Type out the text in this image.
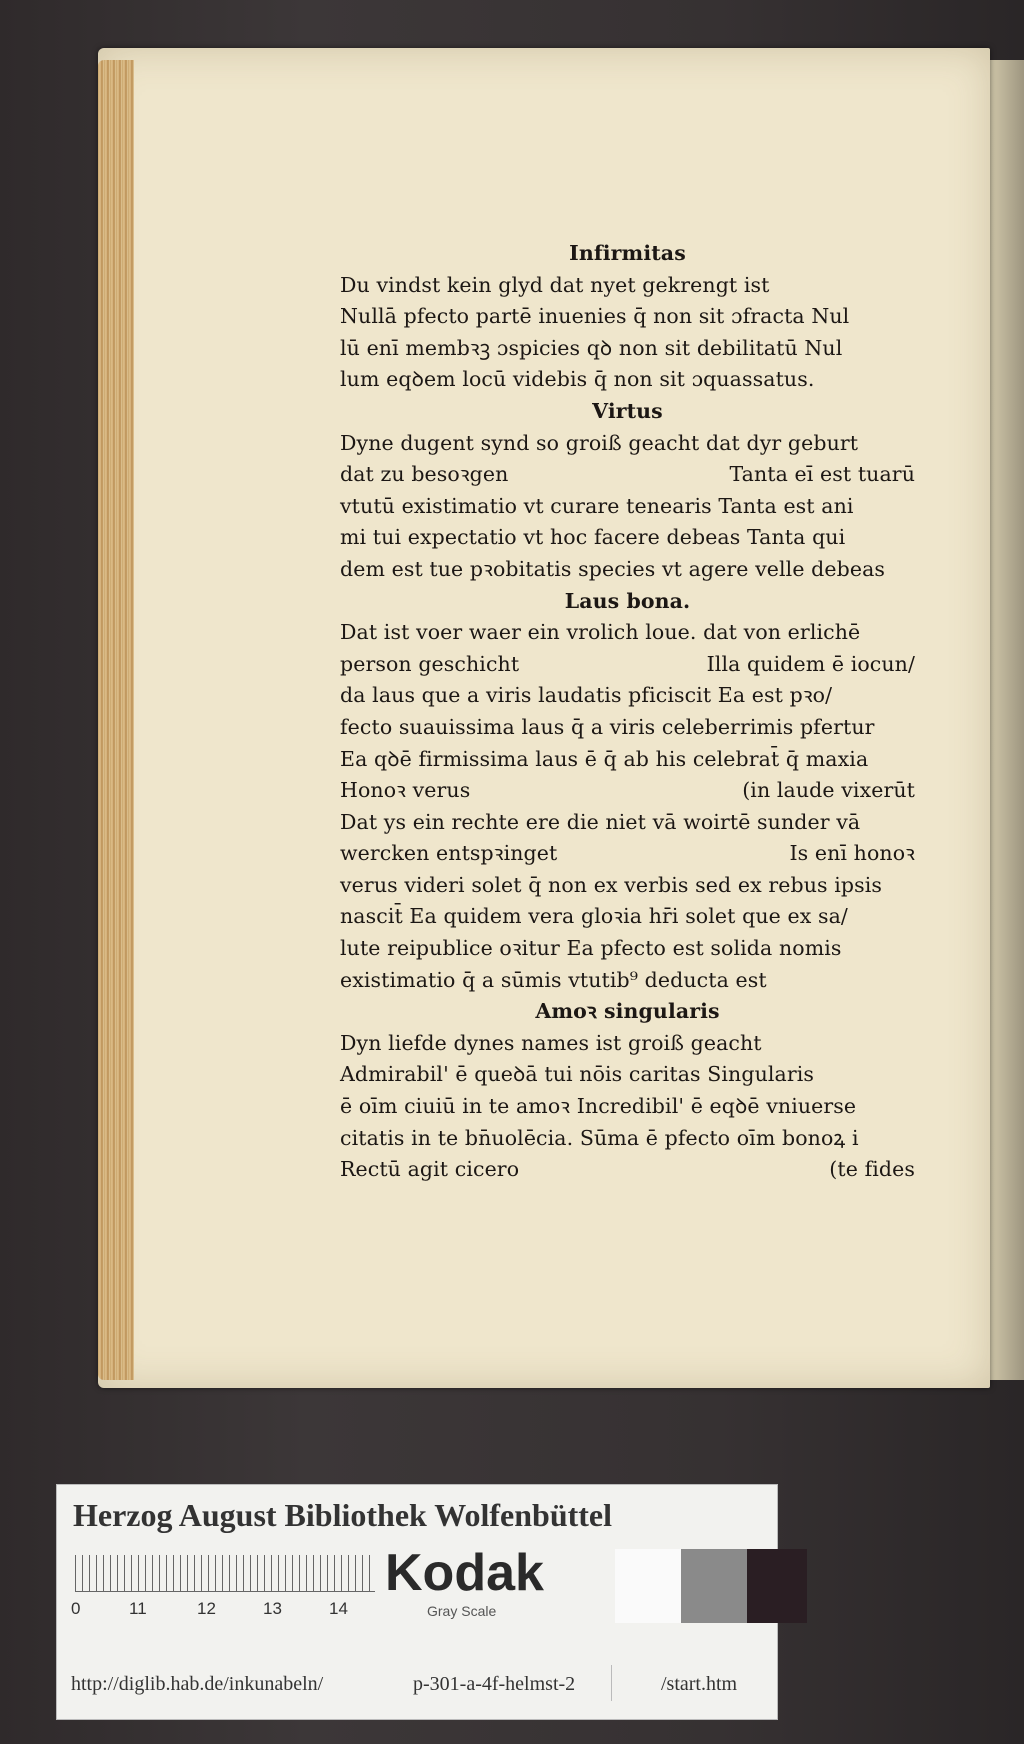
Infirmitas
Du vindst kein glyd dat nyet gekrengt ist
Nullā pfecto partē inuenies q̄ non sit ɔfracta Nul
lū enī membꝛꝫ ɔspicies qꝺ non sit debilitatū Nul
lum eqꝺem locū videbis q̄ non sit ɔquassatus.
Virtus
Dyne dugent synd so groiß geacht dat dyr geburt
dat zu besoꝛgen	Tanta eī est tuarū
vtutū existimatio vt curare tenearis Tanta est ani
mi tui expectatio vt hoc facere debeas Tanta qui
dem est tue pꝛobitatis species vt agere velle debeas
Laus bona.
Dat ist voer waer ein vrolich loue. dat von erlichē
person geschicht	Illa quidem ē iocun/
da laus que a viris laudatis pficiscit Ea est pꝛo/
fecto suauissima laus q̄ a viris celeberrimis pfertur
Ea qꝺē firmissima laus ē q̄ ab his celebrat̄ q̄ maxia
Honoꝛ verus	(in laude vixerūt
Dat ys ein rechte ere die niet vā woirtē sunder vā
wercken entspꝛinget	Is enī honoꝛ
verus videri solet q̄ non ex verbis sed ex rebus ipsis
nascit̄ Ea quidem vera gloꝛia hr̄i solet que ex sa/
lute reipublice oꝛitur Ea pfecto est solida nomis
existimatio q̄ a sūmis vtutib⁹ deducta est
Amoꝛ singularis
Dyn liefde dynes names ist groiß geacht
Admirabil' ē queꝺā tui nōis caritas Singularis
ē oīm ciuiū in te amoꝛ Incredibil' ē eqꝺē vniuerse
citatis in te bn̄uolēcia. Sūma ē pfecto oīm bonoꝝ i
Rectū agit cicero	(te fides
Herzog August Bibliothek Wolfenbüttel
0	11	12	13	14
Kodak
Gray Scale
http://diglib.hab.de/inkunabeln/	p-301-a-4f-helmst-2	/start.htm
